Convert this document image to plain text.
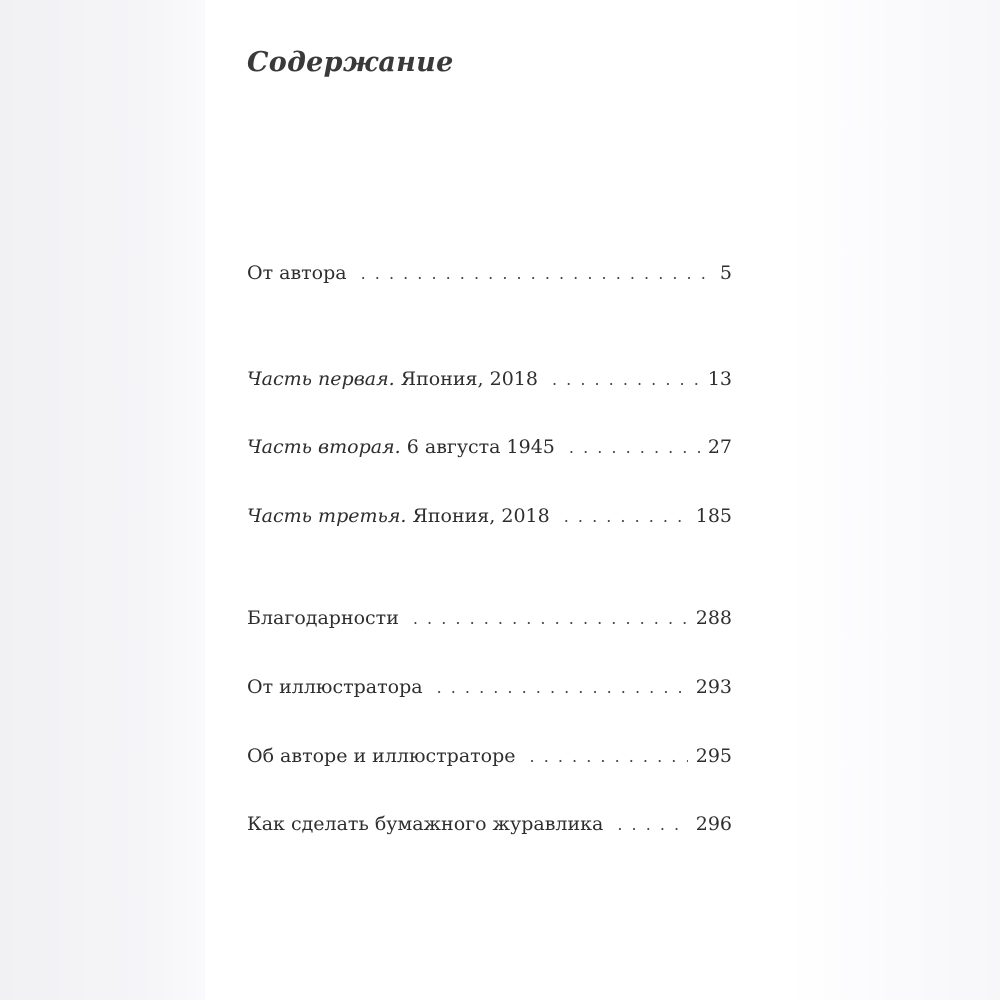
Содержание
От автора . . .	5
Часть первая. Япония, 2018 . . .	13
Часть вторая. 6 августа 1945 . . .	27
Часть третья. Япония, 2018 . . .	185
Благодарности . . .	288
От иллюстратора . . .	293
Об авторе и иллюстраторе . . .	295
Как сделать бумажного журавлика . . .	296
